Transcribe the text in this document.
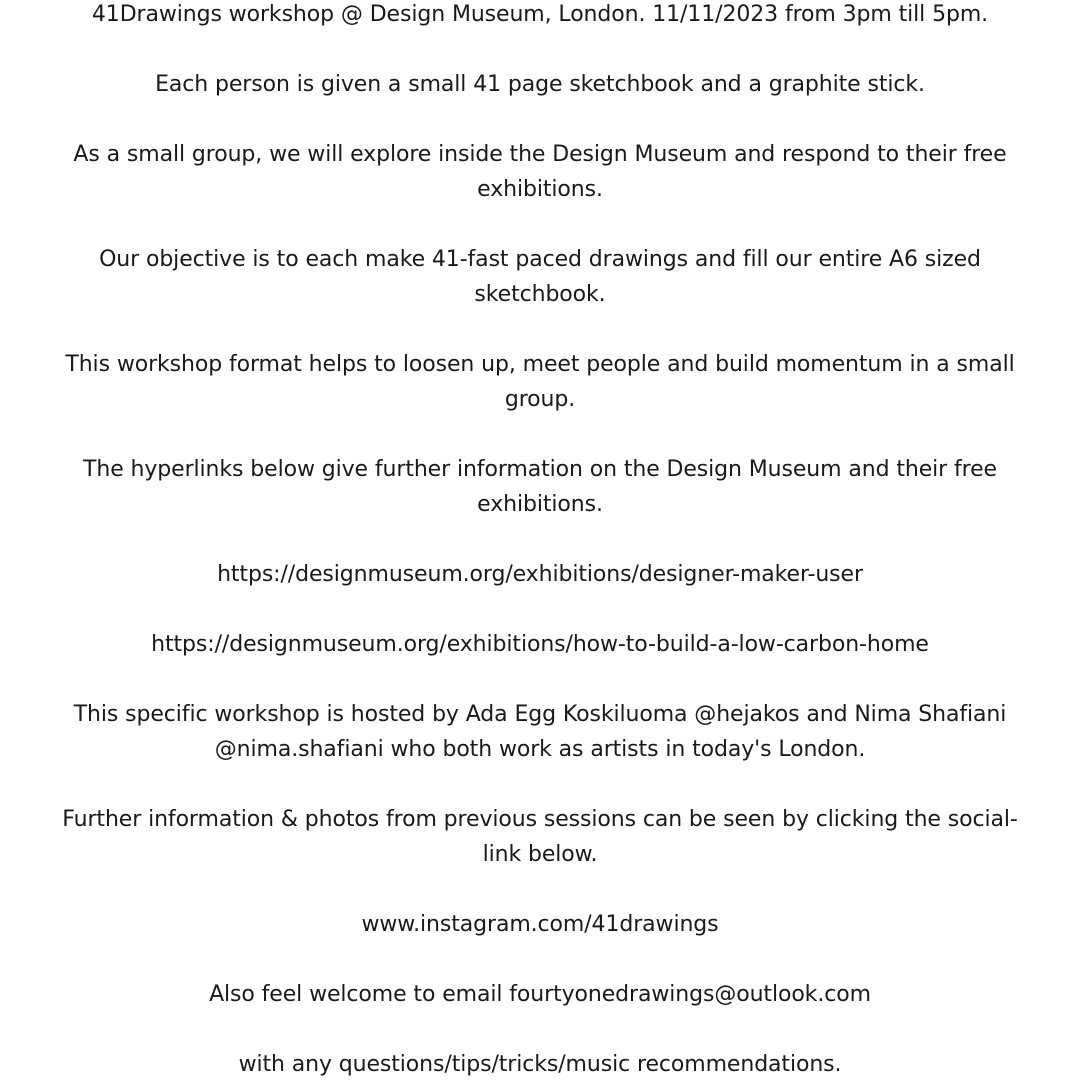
41Drawings workshop @ Design Museum, London. 11/11/2023 from 3pm till 5pm.

Each person is given a small 41 page sketchbook and a graphite stick.

As a small group, we will explore inside the Design Museum and respond to their free
exhibitions.

Our objective is to each make 41-fast paced drawings and fill our entire A6 sized
sketchbook.

This workshop format helps to loosen up, meet people and build momentum in a small
group.

The hyperlinks below give further information on the Design Museum and their free
exhibitions.

https://designmuseum.org/exhibitions/designer-maker-user

https://designmuseum.org/exhibitions/how-to-build-a-low-carbon-home

This specific workshop is hosted by Ada Egg Koskiluoma @hejakos and Nima Shafiani
@nima.shafiani who both work as artists in today's London.

Further information & photos from previous sessions can be seen by clicking the social-
link below.

www.instagram.com/41drawings

Also feel welcome to email fourtyonedrawings@outlook.com

with any questions/tips/tricks/music recommendations.
